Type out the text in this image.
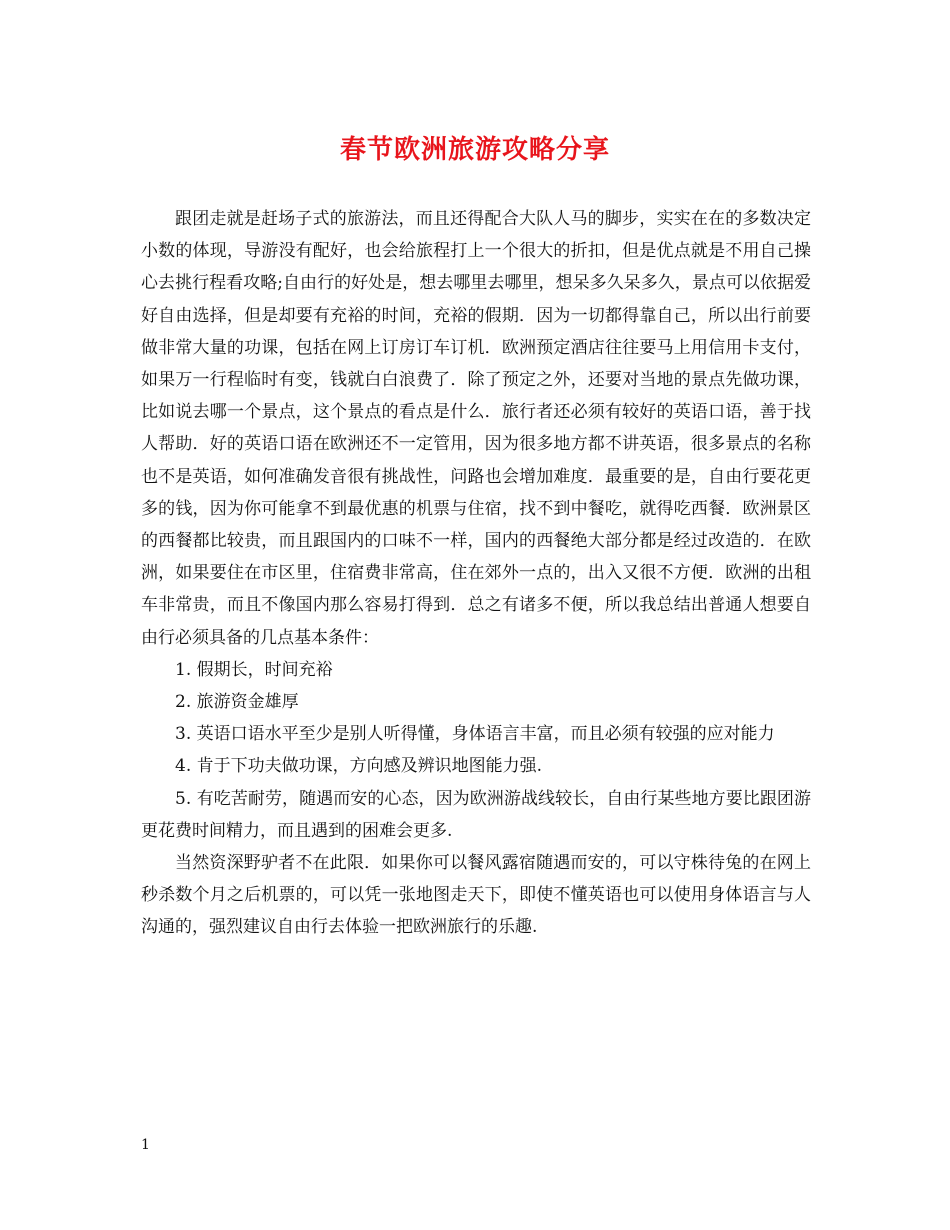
春节欧洲旅游攻略分享

跟团走就是赶场子式的旅游法，而且还得配合大队人马的脚步，实实在在的多数决定小数的体现，导游没有配好，也会给旅程打上一个很大的折扣，但是优点就是不用自己操心去挑行程看攻略;自由行的好处是，想去哪里去哪里，想呆多久呆多久，景点可以依据爱好自由选择，但是却要有充裕的时间，充裕的假期．因为一切都得靠自己，所以出行前要做非常大量的功课，包括在网上订房订车订机．欧洲预定酒店往往要马上用信用卡支付，如果万一行程临时有变，钱就白白浪费了．除了预定之外，还要对当地的景点先做功课，比如说去哪一个景点，这个景点的看点是什么．旅行者还必须有较好的英语口语，善于找人帮助．好的英语口语在欧洲还不一定管用，因为很多地方都不讲英语，很多景点的名称也不是英语，如何准确发音很有挑战性，问路也会增加难度．最重要的是，自由行要花更多的钱，因为你可能拿不到最优惠的机票与住宿，找不到中餐吃，就得吃西餐．欧洲景区的西餐都比较贵，而且跟国内的口味不一样，国内的西餐绝大部分都是经过改造的．在欧洲，如果要住在市区里，住宿费非常高，住在郊外一点的，出入又很不方便．欧洲的出租车非常贵，而且不像国内那么容易打得到．总之有诸多不便，所以我总结出普通人想要自由行必须具备的几点基本条件：

1. 假期长，时间充裕

2. 旅游资金雄厚

3. 英语口语水平至少是别人听得懂，身体语言丰富，而且必须有较强的应对能力

4. 肯于下功夫做功课，方向感及辨识地图能力强.

5. 有吃苦耐劳，随遇而安的心态，因为欧洲游战线较长，自由行某些地方要比跟团游更花费时间精力，而且遇到的困难会更多.

当然资深野驴者不在此限．如果你可以餐风露宿随遇而安的，可以守株待兔的在网上秒杀数个月之后机票的，可以凭一张地图走天下，即使不懂英语也可以使用身体语言与人沟通的，强烈建议自由行去体验一把欧洲旅行的乐趣.

1
